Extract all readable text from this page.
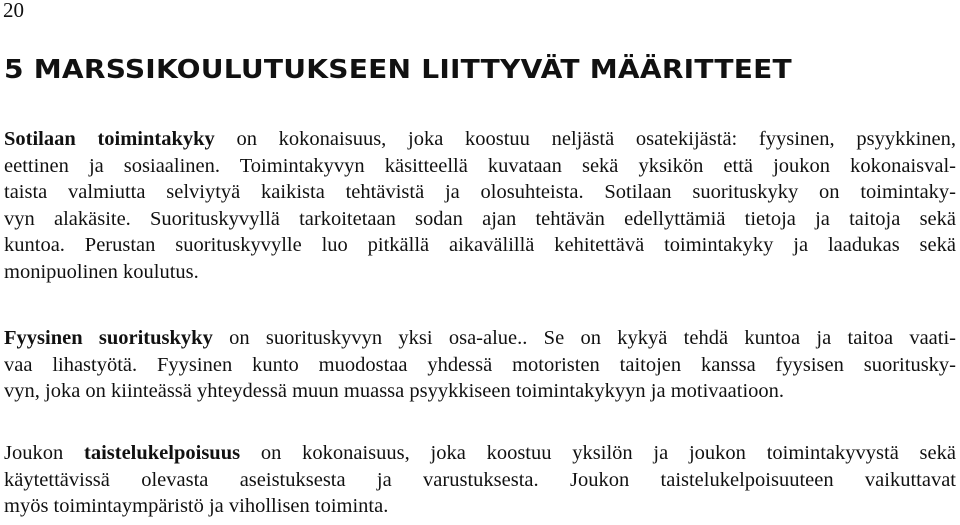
20
5 MARSSIKOULUTUKSEEN LIITTYVÄT MÄÄRITTEET
Sotilaan toimintakyky on kokonaisuus, joka koostuu neljästä osatekijästä: fyysinen, psyykkinen,
eettinen ja sosiaalinen. Toimintakyvyn käsitteellä kuvataan sekä yksikön että joukon kokonaisval-
taista valmiutta selviytyä kaikista tehtävistä ja olosuhteista. Sotilaan suorituskyky on toimintaky-
vyn alakäsite. Suorituskyvyllä tarkoitetaan sodan ajan tehtävän edellyttämiä tietoja ja taitoja sekä
kuntoa. Perustan suorituskyvylle luo pitkällä aikavälillä kehitettävä toimintakyky ja laadukas sekä
monipuolinen koulutus.
Fyysinen suorituskyky on suorituskyvyn yksi osa-alue.. Se on kykyä tehdä kuntoa ja taitoa vaati-
vaa lihastyötä. Fyysinen kunto muodostaa yhdessä motoristen taitojen kanssa fyysisen suoritusky-
vyn, joka on kiinteässä yhteydessä muun muassa psyykkiseen toimintakykyyn ja motivaatioon.
Joukon taistelukelpoisuus on kokonaisuus, joka koostuu yksilön ja joukon toimintakyvystä sekä
käytettävissä olevasta aseistuksesta ja varustuksesta. Joukon taistelukelpoisuuteen vaikuttavat
myös toimintaympäristö ja vihollisen toiminta.
